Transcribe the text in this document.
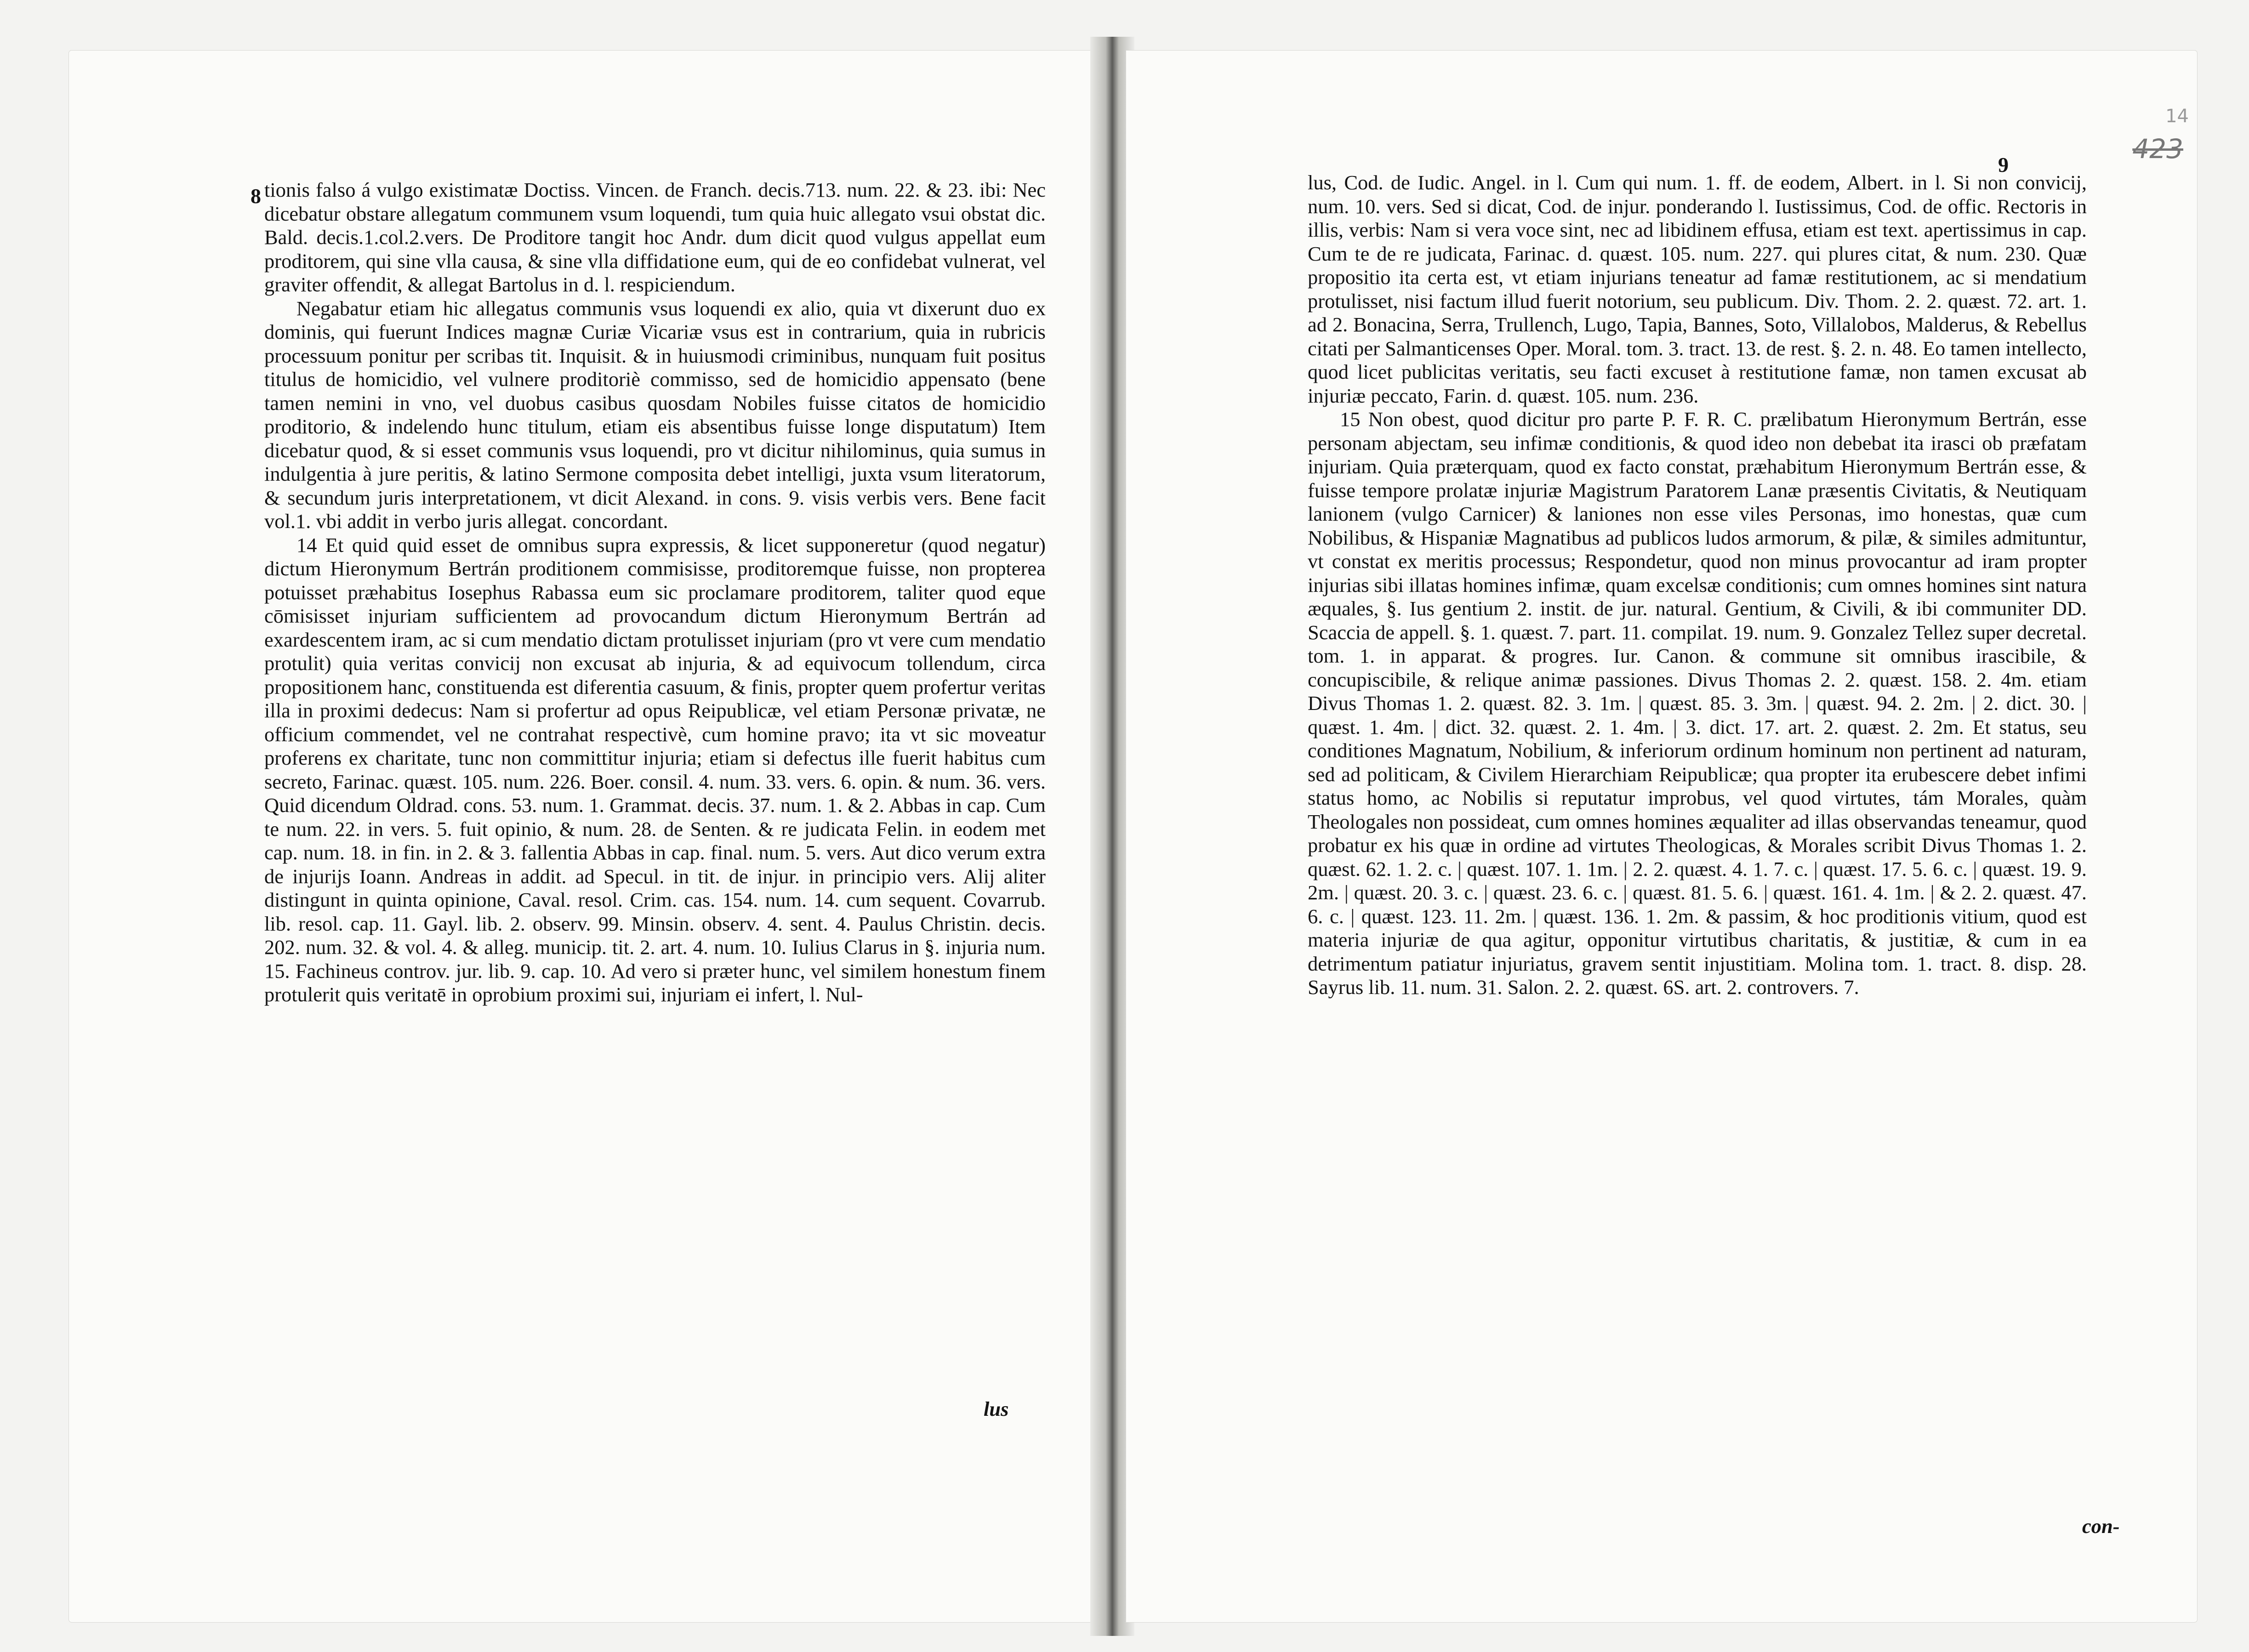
8 tionis falso á vulgo existimatæ Doctiss. Vincen. de Franch. decis.713. num. 22. & 23. ibi: Nec dicebatur obstare allegatum communem vsum loquendi, tum quia huic allegato vsui obstat dic. Bald. decis.1.col.2.vers. De Proditore tangit hoc Andr. dum dicit quod vulgus appellat eum proditorem, qui sine vlla causa, & sine vlla diffidatione eum, qui de eo confidebat vulnerat, vel graviter offendit, & allegat Bartolus in d. l. respiciendum.

Negabatur etiam hic allegatus communis vsus loquendi ex alio, quia vt dixerunt duo ex dominis, qui fuerunt Indices magnæ Curiæ Vicariæ vsus est in contrarium, quia in rubricis processuum ponitur per scribas tit. Inquisit. & in huiusmodi criminibus, nunquam fuit positus titulus de homicidio, vel vulnere proditoriè commisso, sed de homicidio appensato (bene tamen nemini in vno, vel duobus casibus quosdam Nobiles fuisse citatos de homicidio proditorio, & indelendo hunc titulum, etiam eis absentibus fuisse longe disputatum) Item dicebatur quod, & si esset communis vsus loquendi, pro vt dicitur nihilominus, quia sumus in indulgentia à jure peritis, & latino Sermone composita debet intelligi, juxta vsum literatorum, & secundum juris interpretationem, vt dicit Alexand. in cons. 9. visis verbis vers. Bene facit vol.1. vbi addit in verbo juris allegat. concordant.

14 Et quid quid esset de omnibus supra expressis, & licet supponeretur (quod negatur) dictum Hieronymum Bertrán proditionem commisisse, proditoremque fuisse, non propterea potuisset præhabitus Iosephus Rabassa eum sic proclamare proditorem, taliter quod eque cōmisisset injuriam sufficientem ad provocandum dictum Hieronymum Bertrán ad exardescentem iram, ac si cum mendatio dictam protulisset injuriam (pro vt vere cum mendatio protulit) quia veritas convicij non excusat ab injuria, & ad equivocum tollendum, circa propositionem hanc, constituenda est diferentia casuum, & finis, propter quem profertur veritas illa in proximi dedecus: Nam si profertur ad opus Reipublicæ, vel etiam Personæ privatæ, ne officium commendet, vel ne contrahat respectivè, cum homine pravo; ita vt sic moveatur proferens ex charitate, tunc non committitur injuria; etiam si defectus ille fuerit habitus cum secreto, Farinac. quæst. 105. num. 226. Boer. consil. 4. num. 33. vers. 6. opin. & num. 36. vers. Quid dicendum Oldrad. cons. 53. num. 1. Grammat. decis. 37. num. 1. & 2. Abbas in cap. Cum te num. 22. in vers. 5. fuit opinio, & num. 28. de Senten. & re judicata Felin. in eodem met cap. num. 18. in fin. in 2. & 3. fallentia Abbas in cap. final. num. 5. vers. Aut dico verum extra de injurijs Ioann. Andreas in addit. ad Specul. in tit. de injur. in principio vers. Alij aliter distingunt in quinta opinione, Caval. resol. Crim. cas. 154. num. 14. cum sequent. Covarrub. lib. resol. cap. 11. Gayl. lib. 2. observ. 99. Minsin. observ. 4. sent. 4. Paulus Christin. decis. 202. num. 32. & vol. 4. & alleg. municip. tit. 2. art. 4. num. 10. Iulius Clarus in §. injuria num. 15. Fachineus controv. jur. lib. 9. cap. 10. Ad vero si præter hunc, vel similem honestum finem protulerit quis veritatē in oprobium proximi sui, injuriam ei infert, l. Nul-

lus
14
423
9

lus, Cod. de Iudic. Angel. in l. Cum qui num. 1. ff. de eodem, Albert. in l. Si non convicij, num. 10. vers. Sed si dicat, Cod. de injur. ponderando l. Iustissimus, Cod. de offic. Rectoris in illis, verbis: Nam si vera voce sint, nec ad libidinem effusa, etiam est text. apertissimus in cap. Cum te de re judicata, Farinac. d. quæst. 105. num. 227. qui plures citat, & num. 230. Quæ propositio ita certa est, vt etiam injurians teneatur ad famæ restitutionem, ac si mendatium protulisset, nisi factum illud fuerit notorium, seu publicum. Div. Thom. 2. 2. quæst. 72. art. 1. ad 2. Bonacina, Serra, Trullench, Lugo, Tapia, Bannes, Soto, Villalobos, Malderus, & Rebellus citati per Salmanticenses Oper. Moral. tom. 3. tract. 13. de rest. §. 2. n. 48. Eo tamen intellecto, quod licet publicitas veritatis, seu facti excuset à restitutione famæ, non tamen excusat ab injuriæ peccato, Farin. d. quæst. 105. num. 236.

15 Non obest, quod dicitur pro parte P. F. R. C. prælibatum Hieronymum Bertrán, esse personam abjectam, seu infimæ conditionis, & quod ideo non debebat ita irasci ob præfatam injuriam. Quia præterquam, quod ex facto constat, præhabitum Hieronymum Bertrán esse, & fuisse tempore prolatæ injuriæ Magistrum Paratorem Lanæ præsentis Civitatis, & Neutiquam lanionem (vulgo Carnicer) & laniones non esse viles Personas, imo honestas, quæ cum Nobilibus, & Hispaniæ Magnatibus ad publicos ludos armorum, & pilæ, & similes admituntur, vt constat ex meritis processus; Respondetur, quod non minus provocantur ad iram propter injurias sibi illatas homines infimæ, quam excelsæ conditionis; cum omnes homines sint natura æquales, §. Ius gentium 2. instit. de jur. natural. Gentium, & Civili, & ibi communiter DD. Scaccia de appell. §. 1. quæst. 7. part. 11. compilat. 19. num. 9. Gonzalez Tellez super decretal. tom. 1. in apparat. & progres. Iur. Canon. & commune sit omnibus irascibile, & concupiscibile, & relique animæ passiones. Divus Thomas 2. 2. quæst. 158. 2. 4m. etiam Divus Thomas 1. 2. quæst. 82. 3. 1m. | quæst. 85. 3. 3m. | quæst. 94. 2. 2m. | 2. dict. 30. | quæst. 1. 4m. | dict. 32. quæst. 2. 1. 4m. | 3. dict. 17. art. 2. quæst. 2. 2m. Et status, seu conditiones Magnatum, Nobilium, & inferiorum ordinum hominum non pertinent ad naturam, sed ad politicam, & Civilem Hierarchiam Reipublicæ; qua propter ita erubescere debet infimi status homo, ac Nobilis si reputatur improbus, vel quod virtutes, tám Morales, quàm Theologales non possideat, cum omnes homines æqualiter ad illas observandas teneamur, quod probatur ex his quæ in ordine ad virtutes Theologicas, & Morales scribit Divus Thomas 1. 2. quæst. 62. 1. 2. c. | quæst. 107. 1. 1m. | 2. 2. quæst. 4. 1. 7. c. | quæst. 17. 5. 6. c. | quæst. 19. 9. 2m. | quæst. 20. 3. c. | quæst. 23. 6. c. | quæst. 81. 5. 6. | quæst. 161. 4. 1m. | & 2. 2. quæst. 47. 6. c. | quæst. 123. 11. 2m. | quæst. 136. 1. 2m. & passim, & hoc proditionis vitium, quod est materia injuriæ de qua agitur, opponitur virtutibus charitatis, & justitiæ, & cum in ea detrimentum patiatur injuriatus, gravem sentit injustitiam. Molina tom. 1. tract. 8. disp. 28. Sayrus lib. 11. num. 31. Salon. 2. 2. quæst. 6S. art. 2. controvers. 7.

con-
